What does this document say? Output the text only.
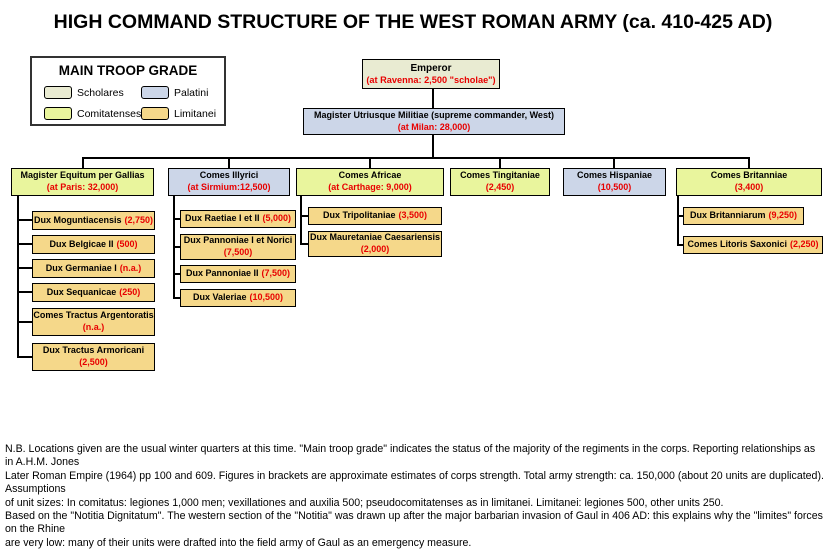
HIGH COMMAND STRUCTURE OF THE WEST ROMAN ARMY (ca. 410-425 AD)
MAIN TROOP GRADE
Scholares	Palatini
Comitatenses	Limitanei
Emperor
(at Ravenna: 2,500 "scholae")
Magister Utriusque Militiae (supreme commander, West)
(at Milan: 28,000)
Magister Equitum per Gallias
(at Paris: 32,000)
Comes Illyrici
(at Sirmium:12,500)
Comes Africae
(at Carthage: 9,000)
Comes Tingitaniae
(2,450)
Comes Hispaniae
(10,500)
Comes Britanniae
(3,400)
Dux Moguntiacensis (2,750)
Dux Belgicae II (500)
Dux Germaniae I (n.a.)
Dux Sequanicae (250)
Comes Tractus Argentoratis
(n.a.)
Dux Tractus Armoricani
(2,500)
Dux Raetiae I et II (5,000)
Dux Pannoniae I et Norici
(7,500)
Dux Pannoniae II (7,500)
Dux Valeriae (10,500)
Dux Tripolitaniae (3,500)
Dux Mauretaniae Caesariensis
(2,000)
Dux Britanniarum (9,250)
Comes Litoris Saxonici (2,250)
N.B. Locations given are the usual winter quarters at this time. "Main troop grade" indicates the status of the majority of the regiments in the corps. Reporting relationships as in A.H.M. Jones
Later Roman Empire (1964) pp 100 and 609. Figures in brackets are approximate estimates of corps strength. Total army strength: ca. 150,000 (about 20 units are duplicated). Assumptions
of unit sizes: In comitatus: legiones 1,000 men; vexillationes and auxilia 500; pseudocomitatenses as in limitanei. Limitanei: legiones 500, other units 250.
Based on the "Notitia Dignitatum". The western section of the "Notitia" was drawn up after the major barbarian invasion of Gaul in 406 AD: this explains why the "limites" forces on the Rhine
are very low: many of their units were drafted into the field army of Gaul as an emergency measure.
